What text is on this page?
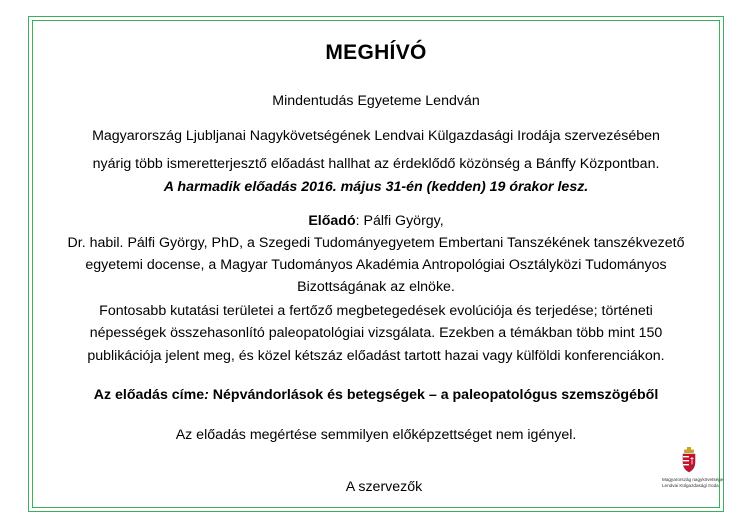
MEGHÍVÓ
Mindentudás Egyeteme Lendván
Magyarország Ljubljanai Nagykövetségének Lendvai Külgazdasági Irodája szervezésében
nyárig több ismeretterjesztő előadást hallhat az érdeklődő közönség a Bánffy Központban.
A harmadik előadás 2016. május 31-én (kedden) 19 órakor lesz.
Előadó: Pálfi György,
Dr. habil. Pálfi György, PhD, a Szegedi Tudományegyetem Embertani Tanszékének tanszékvezető
egyetemi docense, a Magyar Tudományos Akadémia Antropológiai Osztályközi Tudományos
Bizottságának az elnöke.
Fontosabb kutatási területei a fertőző megbetegedések evolúciója és terjedése; történeti
népességek összehasonlító paleopatológiai vizsgálata. Ezekben a témákban több mint 150
publikációja jelent meg, és közel kétszáz előadást tartott hazai vagy külföldi konferenciákon.
Az előadás címe: Népvándorlások és betegségek – a paleopatológus szemszögéből
Az előadás megértése semmilyen előképzettséget nem igényel.
A szervezők	Magyarország nagykövetsége
Lendvai Külgazdasági Iroda
